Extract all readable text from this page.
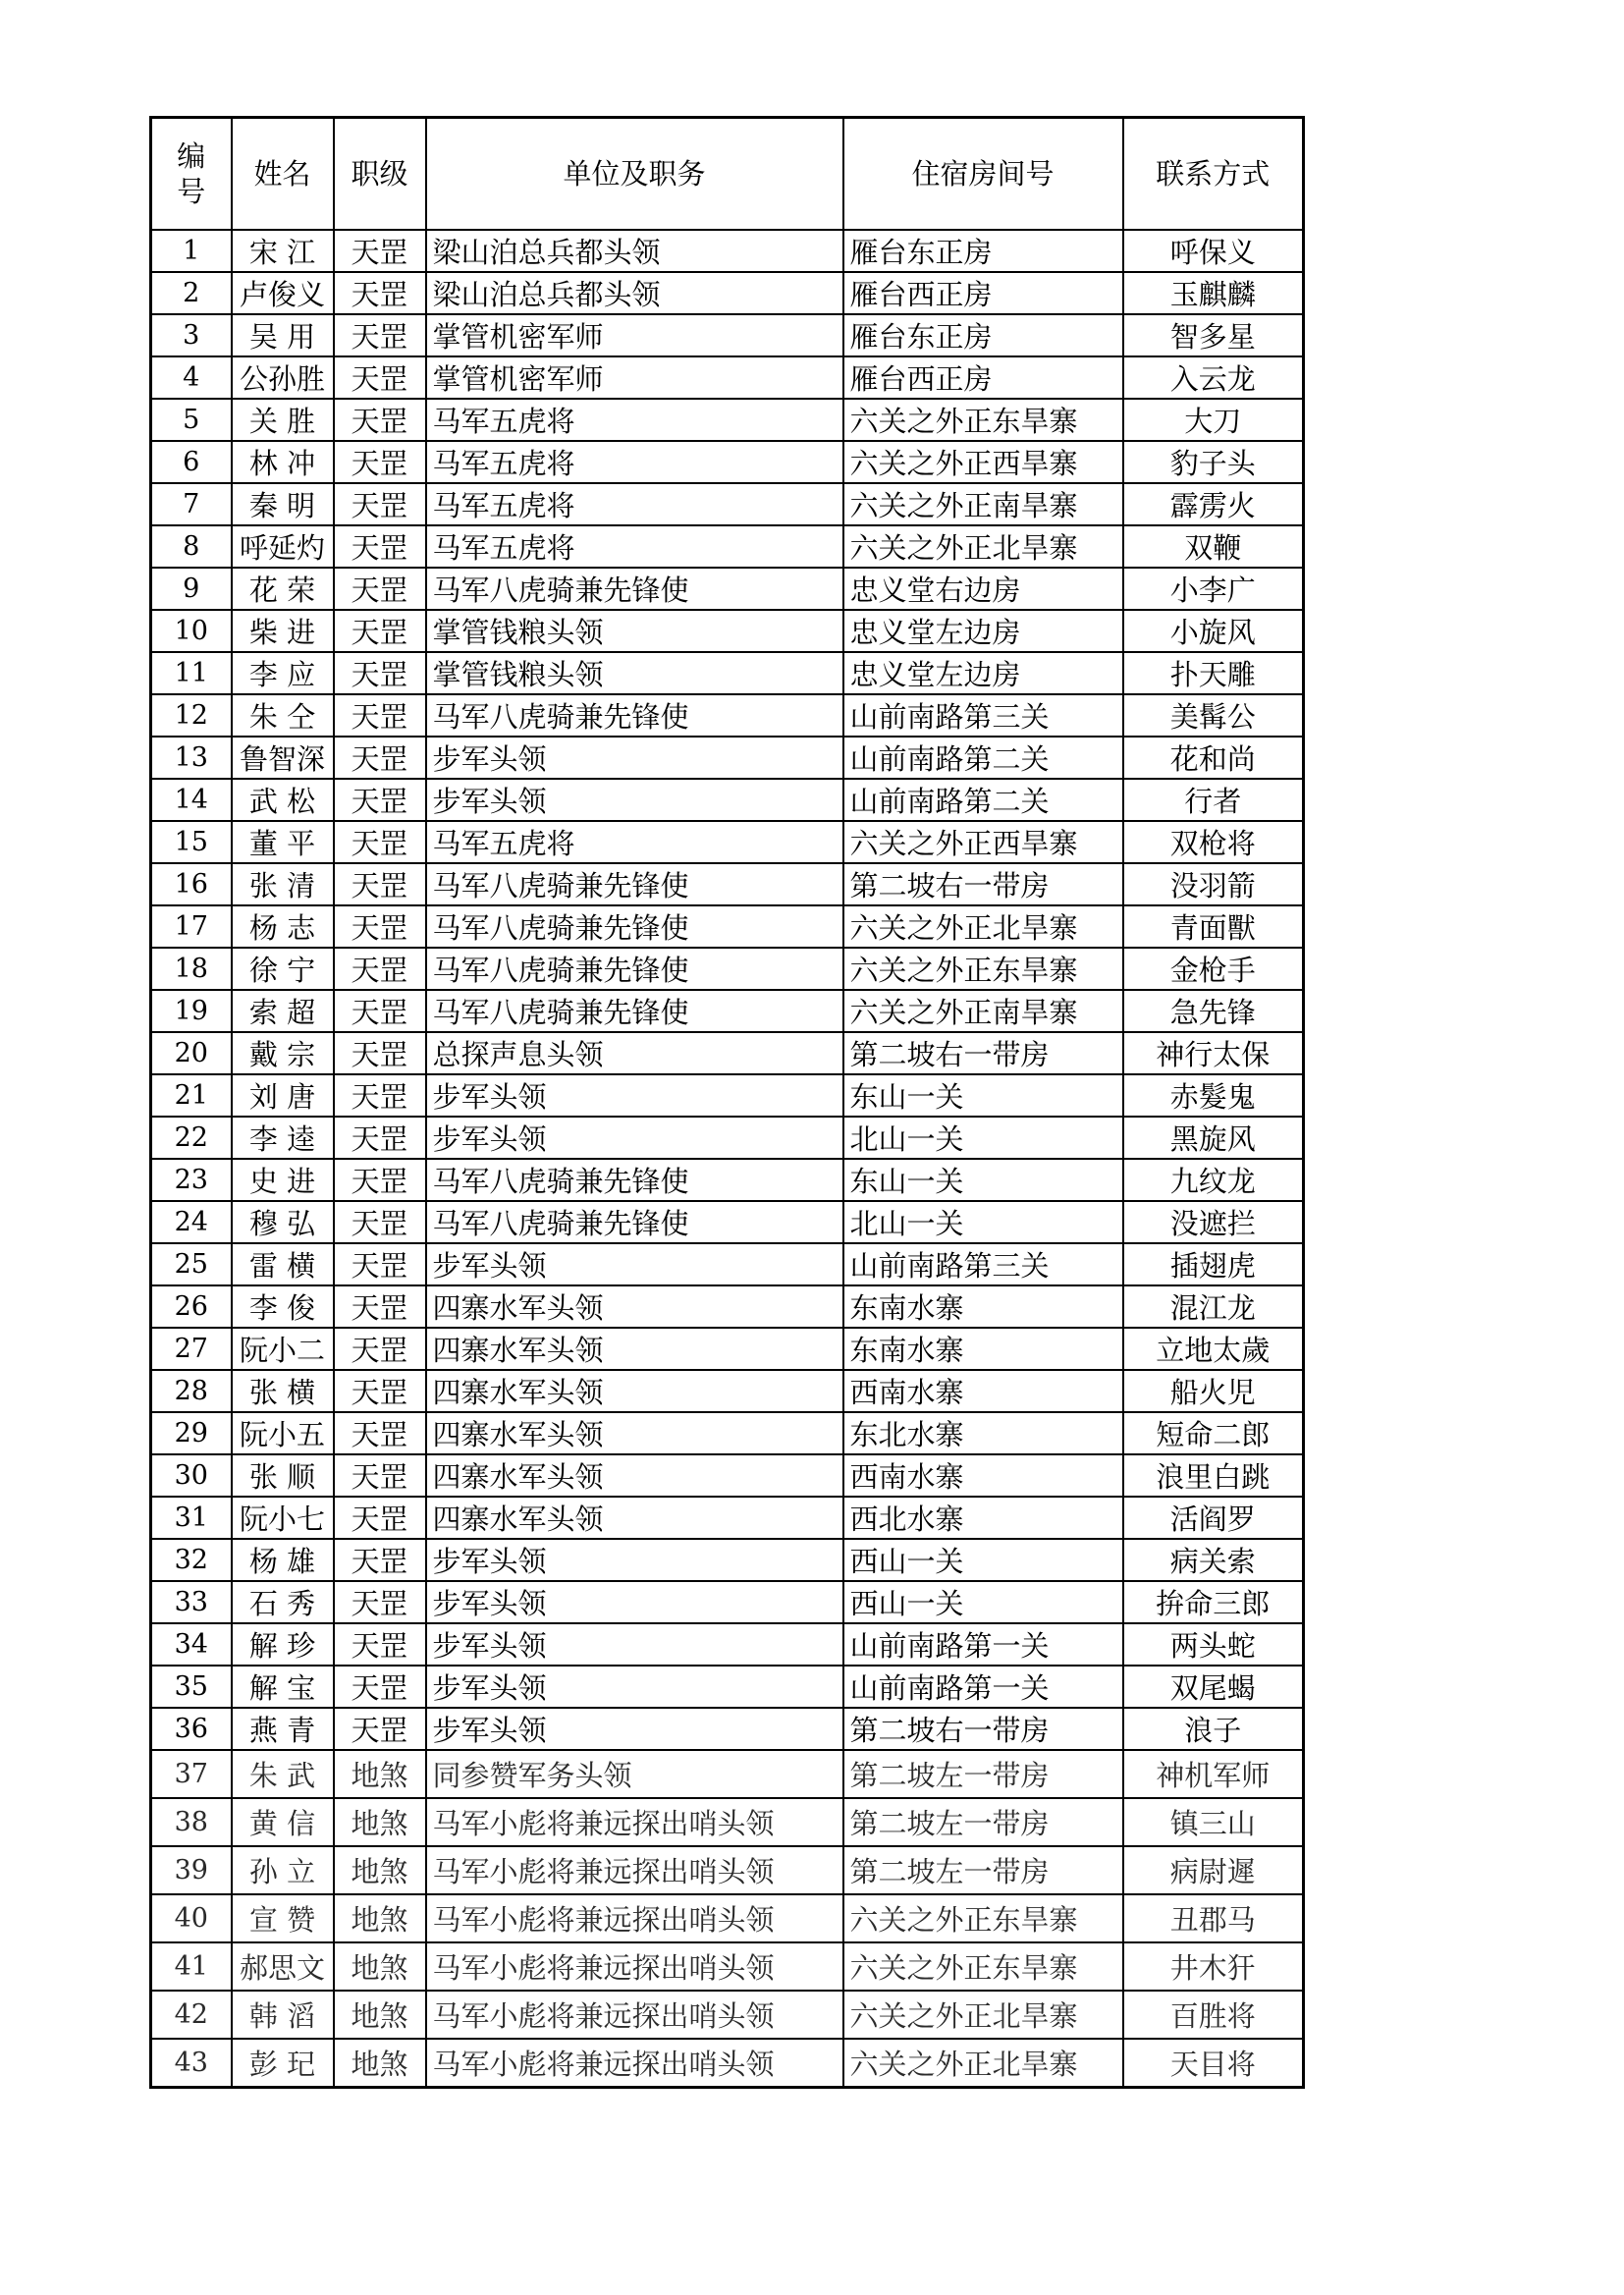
编
号	姓名	职级	单位及职务	住宿房间号	联系方式
1	宋 江	天罡	梁山泊总兵都头领	雁台东正房	呼保义
2	卢俊义	天罡	梁山泊总兵都头领	雁台西正房	玉麒麟
3	吴 用	天罡	掌管机密军师	雁台东正房	智多星
4	公孙胜	天罡	掌管机密军师	雁台西正房	入云龙
5	关 胜	天罡	马军五虎将	六关之外正东旱寨	大刀
6	林 冲	天罡	马军五虎将	六关之外正西旱寨	豹子头
7	秦 明	天罡	马军五虎将	六关之外正南旱寨	霹雳火
8	呼延灼	天罡	马军五虎将	六关之外正北旱寨	双鞭
9	花 荣	天罡	马军八虎骑兼先锋使	忠义堂右边房	小李广
10	柴 进	天罡	掌管钱粮头领	忠义堂左边房	小旋风
11	李 应	天罡	掌管钱粮头领	忠义堂左边房	扑天雕
12	朱 仝	天罡	马军八虎骑兼先锋使	山前南路第三关	美髯公
13	鲁智深	天罡	步军头领	山前南路第二关	花和尚
14	武 松	天罡	步军头领	山前南路第二关	行者
15	董 平	天罡	马军五虎将	六关之外正西旱寨	双枪将
16	张 清	天罡	马军八虎骑兼先锋使	第二坡右一带房	没羽箭
17	杨 志	天罡	马军八虎骑兼先锋使	六关之外正北旱寨	青面獸
18	徐 宁	天罡	马军八虎骑兼先锋使	六关之外正东旱寨	金枪手
19	索 超	天罡	马军八虎骑兼先锋使	六关之外正南旱寨	急先锋
20	戴 宗	天罡	总探声息头领	第二坡右一带房	神行太保
21	刘 唐	天罡	步军头领	东山一关	赤髮鬼
22	李 逵	天罡	步军头领	北山一关	黑旋风
23	史 进	天罡	马军八虎骑兼先锋使	东山一关	九纹龙
24	穆 弘	天罡	马军八虎骑兼先锋使	北山一关	没遮拦
25	雷 横	天罡	步军头领	山前南路第三关	插翅虎
26	李 俊	天罡	四寨水军头领	东南水寨	混江龙
27	阮小二	天罡	四寨水军头领	东南水寨	立地太歲
28	张 横	天罡	四寨水军头领	西南水寨	船火児
29	阮小五	天罡	四寨水军头领	东北水寨	短命二郎
30	张 顺	天罡	四寨水军头领	西南水寨	浪里白跳
31	阮小七	天罡	四寨水军头领	西北水寨	活阎罗
32	杨 雄	天罡	步军头领	西山一关	病关索
33	石 秀	天罡	步军头领	西山一关	拚命三郎
34	解 珍	天罡	步军头领	山前南路第一关	两头蛇
35	解 宝	天罡	步军头领	山前南路第一关	双尾蝎
36	燕 青	天罡	步军头领	第二坡右一带房	浪子
37	朱 武	地煞	同参赞军务头领	第二坡左一带房	神机军师
38	黄 信	地煞	马军小彪将兼远探出哨头领	第二坡左一带房	镇三山
39	孙 立	地煞	马军小彪将兼远探出哨头领	第二坡左一带房	病尉遲
40	宣 赞	地煞	马军小彪将兼远探出哨头领	六关之外正东旱寨	丑郡马
41	郝思文	地煞	马军小彪将兼远探出哨头领	六关之外正东旱寨	井木犴
42	韩 滔	地煞	马军小彪将兼远探出哨头领	六关之外正北旱寨	百胜将
43	彭 玘	地煞	马军小彪将兼远探出哨头领	六关之外正北旱寨	天目将
